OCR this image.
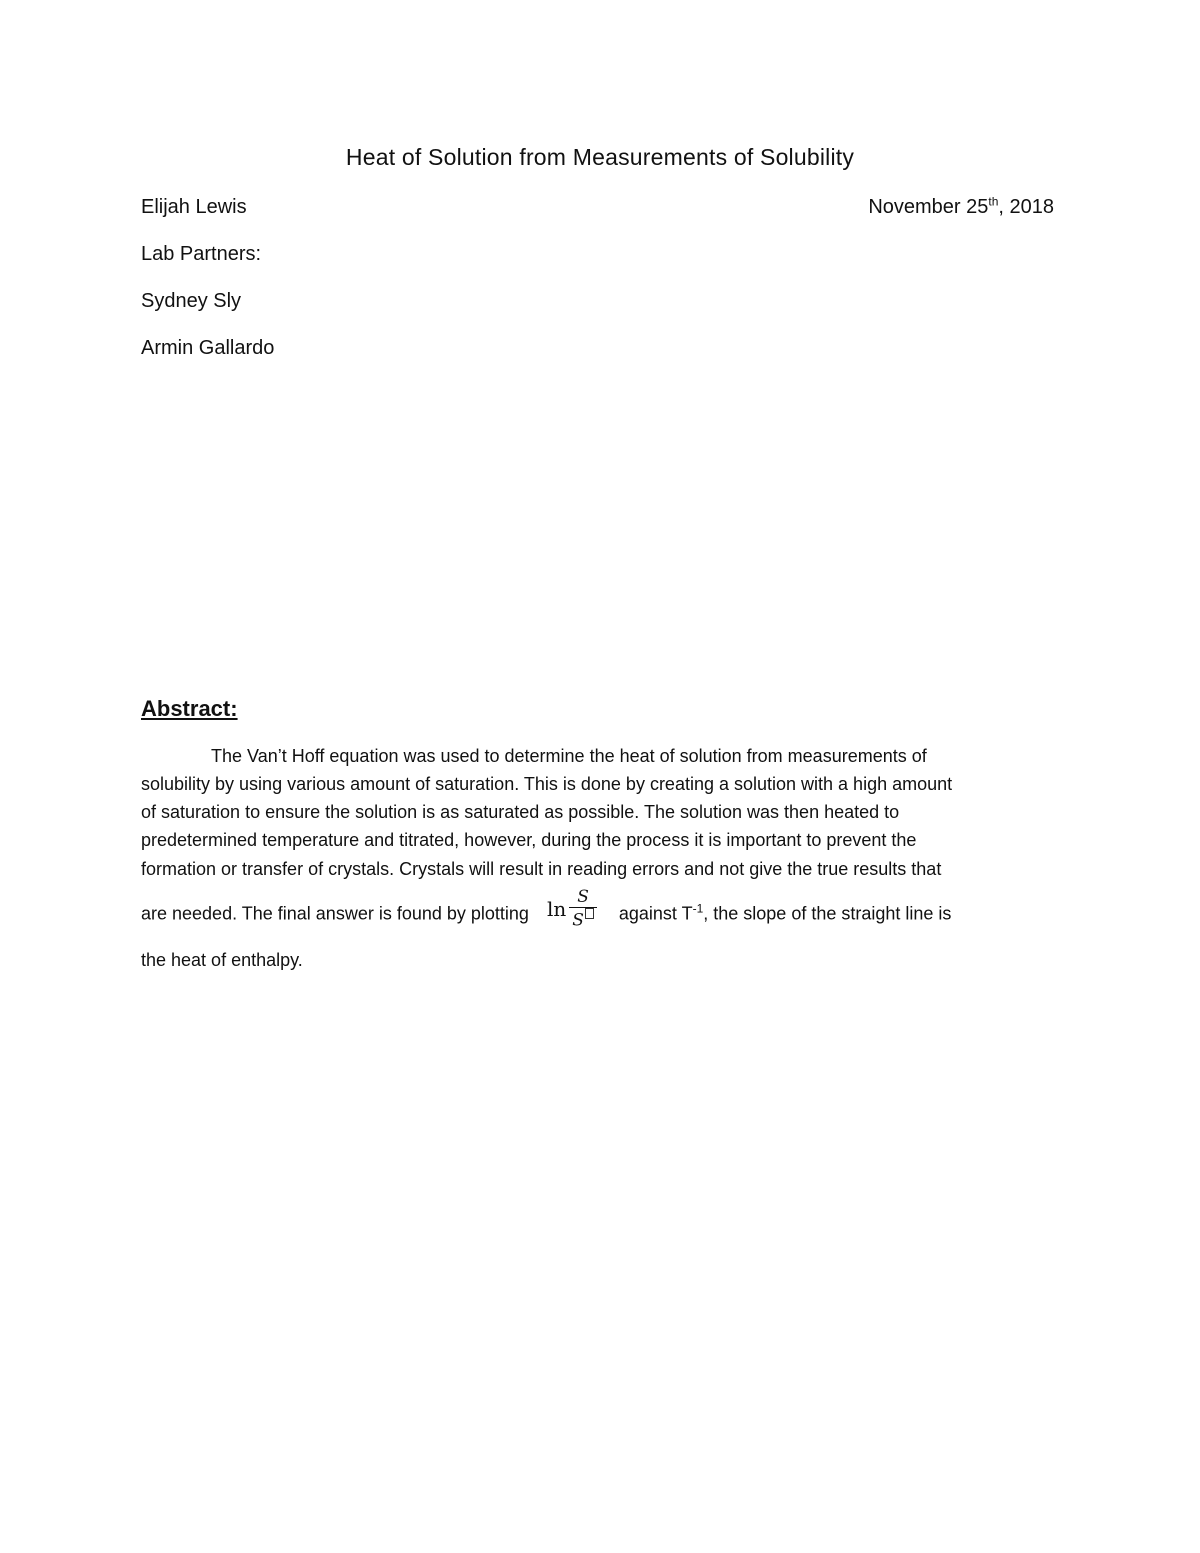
Heat of Solution from Measurements of Solubility
Elijah Lewis	November 25th, 2018
Lab Partners:
Sydney Sly
Armin Gallardo
Abstract:
The Van’t Hoff equation was used to determine the heat of solution from measurements of
solubility by using various amount of saturation. This is done by creating a solution with a high amount
of saturation to ensure the solution is as saturated as possible. The solution was then heated to
predetermined temperature and titrated, however, during the process it is important to prevent the
formation or transfer of crystals. Crystals will result in reading errors and not give the true results that
are needed. The final answer is found by plotting $\ln \frac{S}{S}$ against $T^{-1}$, the slope of the straight line is
the heat of enthalpy.
